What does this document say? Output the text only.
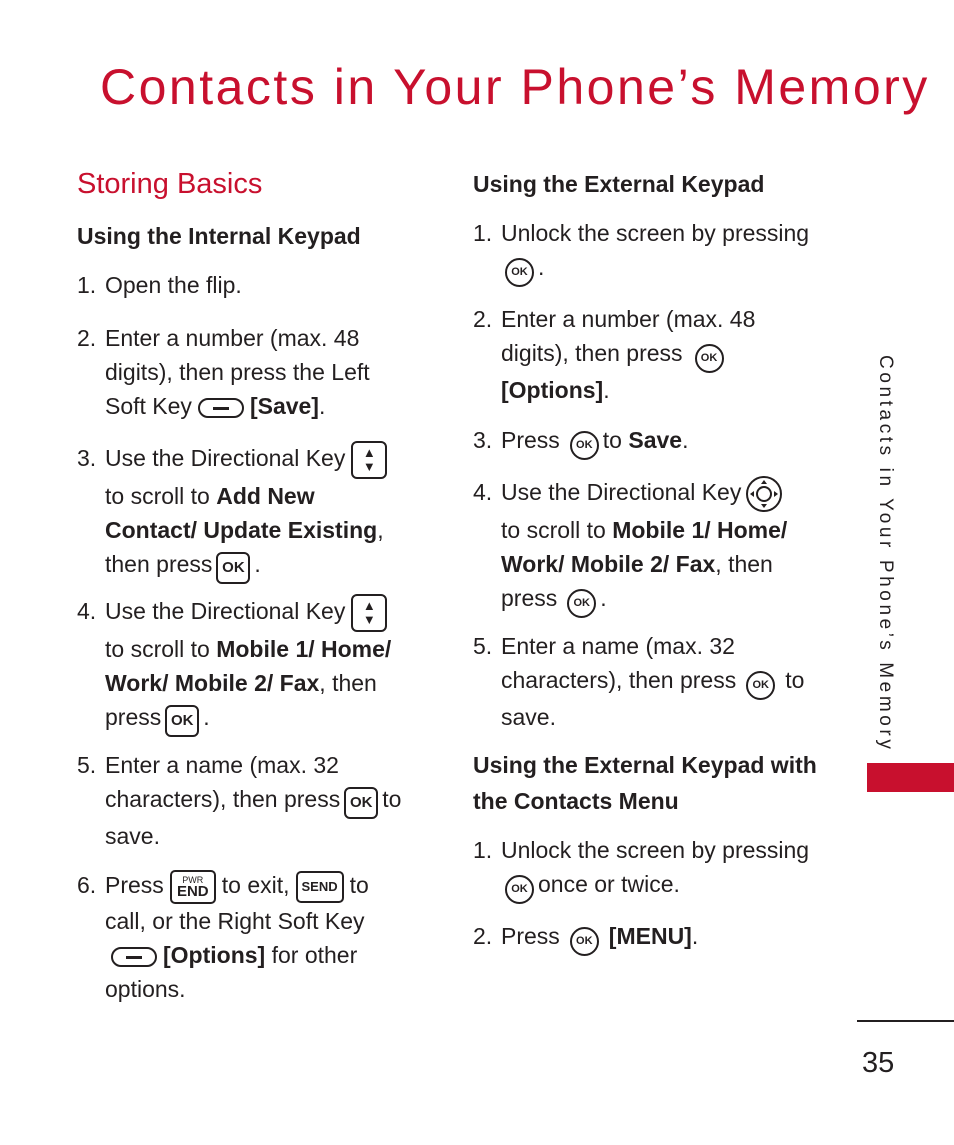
Contacts in Your Phone’s Memory
Storing Basics
Using the Internal Keypad
1. Open the flip.
2. Enter a number (max. 48
digits), then press the Left
Soft Key	[Save].
3. Use the Directional Key ▲
▼
to scroll to Add New
Contact/ Update Existing,
then press OK .
4. Use the Directional Key ▲
▼
to scroll to Mobile 1/ Home/
Work/ Mobile 2/ Fax, then
press OK .
5. Enter a name (max. 32
characters), then press OK to
save.
6. Press PWR
END to exit, SEND to
call, or the Right Soft Key
[Options] for other
options.
Using the External Keypad
1. Unlock the screen by pressing
OK .
2. Enter a number (max. 48
digits), then press OK
[Options].
3. Press OK to Save.
4. Use the Directional Key
to scroll to Mobile 1/ Home/
Work/ Mobile 2/ Fax, then
press OK .
5. Enter a name (max. 32
characters), then press OK to
save.
Using the External Keypad with
the Contacts Menu
1. Unlock the screen by pressing
OK once or twice.
2. Press OK [MENU].
Contacts in Your Phone’s Memory
35
